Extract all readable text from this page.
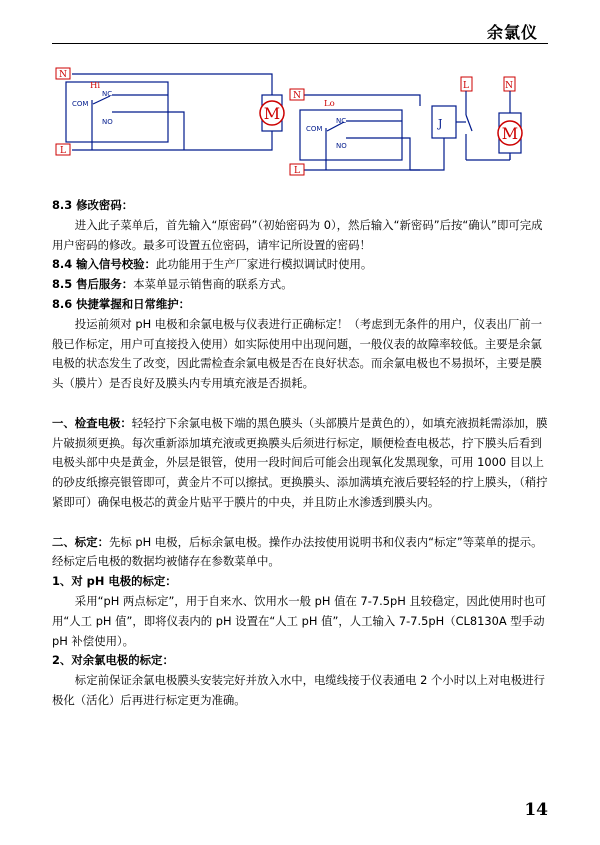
余氯仪
N
L
N
L
L	N
Hi
Lo
COM
NC
NO
COM
NC
NO
J
M
M

8.3 修改密码：

进入此子菜单后，首先输入“原密码”（初始密码为 0），然后输入“新密码”后按“确认”即可完成用户密码的修改。最多可设置五位密码，请牢记所设置的密码！

8.4 输入信号校验：此功能用于生产厂家进行模拟调试时使用。

8.5 售后服务：本菜单显示销售商的联系方式。

8.6 快捷掌握和日常维护：

投运前须对 pH 电极和余氯电极与仪表进行正确标定！（考虑到无条件的用户，仪表出厂前一般已作标定，用户可直接投入使用）如实际使用中出现问题，一般仪表的故障率较低。主要是余氯电极的状态发生了改变，因此需检查余氯电极是否在良好状态。而余氯电极也不易损坏，主要是膜头（膜片）是否良好及膜头内专用填充液是否损耗。

一、检查电极：轻轻拧下余氯电极下端的黑色膜头（头部膜片是黄色的），如填充液损耗需添加，膜片破损须更换。每次重新添加填充液或更换膜头后须进行标定，顺便检查电极芯，拧下膜头后看到电极头部中央是黄金，外层是银管，使用一段时间后可能会出现氧化发黑现象，可用 1000 目以上的砂皮纸擦亮银管即可，黄金片不可以擦拭。更换膜头、添加满填充液后要轻轻的拧上膜头，（稍拧紧即可）确保电极芯的黄金片贴平于膜片的中央，并且防止水渗透到膜头内。

二、标定：先标 pH 电极，后标余氯电极。操作办法按使用说明书和仪表内“标定”等菜单的提示。经标定后电极的数据均被储存在参数菜单中。

1、对 pH 电极的标定：

采用“pH 两点标定”，用于自来水、饮用水一般 pH 值在 7-7.5pH 且较稳定，因此使用时也可用“人工 pH 值”，即将仪表内的 pH 设置在“人工 pH 值”，人工输入 7-7.5pH（CL8130A 型手动 pH 补偿使用）。

2、对余氯电极的标定：

标定前保证余氯电极膜头安装完好并放入水中，电缆线接于仪表通电 2 个小时以上对电极进行极化（活化）后再进行标定更为准确。

14
